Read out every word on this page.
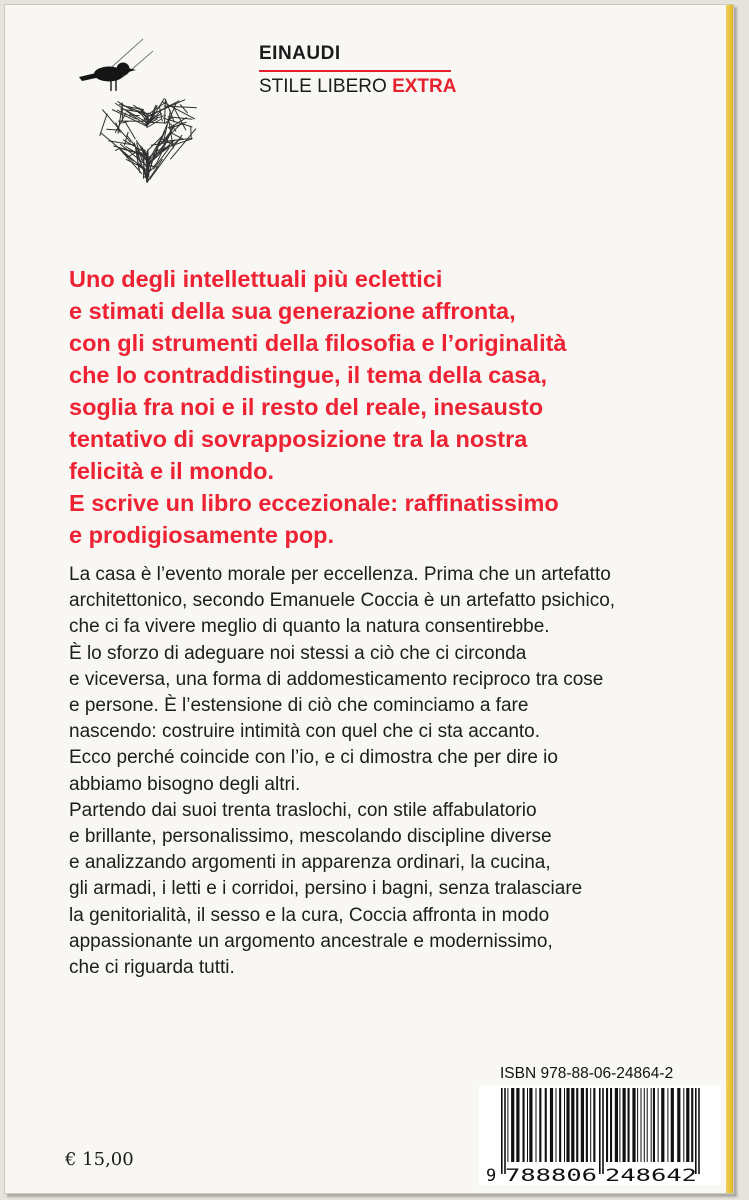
EINAUDI
STILE LIBERO EXTRA
Uno degli intellettuali più eclettici
e stimati della sua generazione affronta,
con gli strumenti della filosofia e l’originalità
che lo contraddistingue, il tema della casa,
soglia fra noi e il resto del reale, inesausto
tentativo di sovrapposizione tra la nostra
felicità e il mondo.
E scrive un libro eccezionale: raffinatissimo
e prodigiosamente pop.
La casa è l’evento morale per eccellenza. Prima che un artefatto
architettonico, secondo Emanuele Coccia è un artefatto psichico,
che ci fa vivere meglio di quanto la natura consentirebbe.
È lo sforzo di adeguare noi stessi a ciò che ci circonda
e viceversa, una forma di addomesticamento reciproco tra cose
e persone. È l’estensione di ciò che cominciamo a fare
nascendo: costruire intimità con quel che ci sta accanto.
Ecco perché coincide con l’io, e ci dimostra che per dire io
abbiamo bisogno degli altri.
Partendo dai suoi trenta traslochi, con stile affabulatorio
e brillante, personalissimo, mescolando discipline diverse
e analizzando argomenti in apparenza ordinari, la cucina,
gli armadi, i letti e i corridoi, persino i bagni, senza tralasciare
la genitorialità, il sesso e la cura, Coccia affronta in modo
appassionante un argomento ancestrale e modernissimo,
che ci riguarda tutti.
ISBN 978-88-06-24864-2
9 788806 248642
€ 15,00
